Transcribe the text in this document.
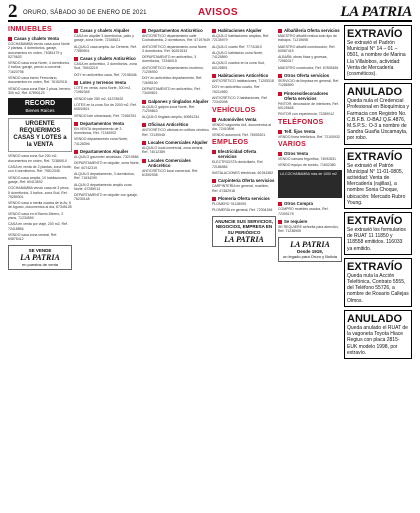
2 ORURO, SÁBADO 30 DE ENERO DE 2021	AVISOS	LA PATRIA
INMUEBLES
Casas y chalets Venta
COCHABAMBA vendo casa zona Norte 2 plantas, 4 dormitorios, garaje, documentos en orden, 76381479 y 5270603
VENDO casa zona Norte, 4 dormitorios, 2 baños, garaje, precio a convenir, 71620798
VENDO casa barrio Ferroviario, documentos en orden, Ref. 76152918
VENDO casa zona Este 2 pisos, terreno 300 m2, Ref. 67890123
RECORD
Bienes Raíces
URGENTE REQUERIMOS CASAS Y LOTES a la VENTA
VENDO casa zona Sur 200 m2, documentos en orden, Ref. 72386510
CASA en venta de 2 plantas, zona Norte, con 4 dormitorios, Ref. 79812345
VENDO casa amplia, 10 habitaciones, garaje, Ref. 60413592
COCHABAMBA vendo casa de 3 pisos, 5 dormitorios, 3 baños, zona Sud, Ref. 75289301
VENDO casa a media cuadra de la Av. 6 de Agosto, documentos al día, 67345128
VENDO casa en el Barrio Minero, 2 pisos, 71234590
CASA en venta por viaje, 200 m2, Ref. 72418856
VENDO casa zona central, Ref. 69875412
SE VENDE
LA PATRIA
en puestos de venta
Casas y chalets Alquiler
CASA en alquiler 3 dormitorios, patio y garaje, zona Norte, 72345621
ALQUILO casa amplia, Av. Dehene, Ref. 77889901
Casas y chalets Anticrético
CASA en anticrético, 3 dormitorios, zona Sud, 76543219
DOY en anticrético casa, Ref. 72198346
Lotes y terrenos Venta
LOTE en venta, zona Norte, 300 m2, 71982345
VENDO lote 250 m2, 61378920
LOTES en la zona Sur de 2000 m2, Ref. 60834521
VENDO lote urbanizado, Ref. 72456781
Departamentos Venta
EN VENTA departamento de 3 dormitorios, Ref. 71345902
VENDO departamento zona Norte, 74128396
Departamentos Alquiler
ALQUILO garzonier amoblado, 73219584
DEPARTAMENTO en alquiler, zona Norte, Ref. 60742319
ALQUILO departamento, 3 dormitorios, Ref. 71634290
ALQUILO departamento amplio zona Norte, 67289013
DEPARTAMENTO en alquiler con garaje, 76230148
Departamentos Anticrético
ANTICRÉTICO departamento calle Cochabamba, 2 dormitorios, Ref. 67197649
ANTICRÉTICO departamento zona Norte, 3 dormitorios, Ref. 60291534
DEPARTAMENTO en anticrético, 3 dormitorios, 72346015
ANTICRÉTICO departamento moderno, 71205930
DOY en anticrético departamento, Ref. 72698190
DEPARTAMENTO en anticrético, Ref. 73409821
Galpones y tinglados Alquiler
ALQUILO galpón zona Norte, Ref. 71209843
ALQUILO tinglado amplio, 60981234
Oficinas Anticrético
ANTICRÉTICO oficinas en edificio céntrico, Ref. 72139045
Locales Comerciales Alquiler
ALQUILO local comercial, zona central, Ref. 74012389
Locales Comerciales Anticrético
ANTICRÉTICO local comercial, Ref. 61592938
Habitaciones Alquiler
ALQUILO habitaciones amplias, Ref. 72135979
ALQUILO cuarto Ref. 77741810
ALQUILO habitación zona Norte, 74125890
ALQUILO cuartos en la zona Sud, 60125891
Habitaciones Anticrético
ANTICRÉTICO habitaciones, 71205318
DOY en anticrético cuarto, Ref. 76214950
ANTICRÉTICO 2 habitaciones, Ref. 72340098
VEHÍCULOS
Automóviles Venta
VENDO vagoneta 4x4, documentos al día, 72410896
VENDO automóvil, Ref. 76593201
EMPLEOS
Electricidad Oferta servicios
ELECTRICISTA domiciliario, Ref. 72186984
INSTALACIONES eléctricas, 60154382
Carpintería Oferta servicios
CARPINTERÍA en general, muebles, Ref. 67482918
Plomería Oferta servicios
PLOMERO 76128099
PLOMERÍA en general, Ref. 72304156
ANUNCIE SUS SERVICIOS, NEGOCIOS, EMPRESA EN SU PERIÓDICO
LA PATRIA
Albañilería Oferta servicios
MAESTRO albañil realiza todo tipo de trabajos, 71219698
MAESTRO albañil construcción, Ref. 60987415
ALBAÑIL obras finas y gruesas, 72580317
MAESTRO constructor, Ref. 67893456
Otros Oferta servicios
SERVICIO de limpieza en general, Ref. 71286590
Pintores/decoradores Oferta servicios
PINTOR, decoración de interiores, Ref. 60125648
PINTOR con experiencia, 72289012
TELÉFONOS
Telf. fijos Venta
VENDO línea telefónica, Ref. 72100932
VARIOS
Otros Venta
VENDO cámara frigorífica, 74092831
VENDO equipo de sonido, 71602380
LA COCHABAMBA más de 1000 m2
Otros Compra
COMPRO muebles usados, Ref. 72309178
Se requiere
SE REQUIERE señorita para atención, Ref. 71238905
LA PATRIA
Desde 1919,
un legado para Oruro y Bolivia
EXTRAVÍO
Se extravió el Padrón Municipal N° 14 – 01 – 0501, a nombre de Marina Lía Villalobos, actividad: Venta de Mercadería (cosméticos).
ANULADO
Queda nula el Credencial Profesional en Bioquímica y Farmacia con Registro No. C.B.F.B. O-BAJ Q.E.4876, M.S.P.S.: O-3 a nombre de Sandra Guaña Uscamayta, por robo.
EXTRAVÍO
Se extravió el Patrón Municipal N° 11-01-0805, actividad: Venta de Mercadería (rajillas), a nombre Sonia Choque, ubicación: Mercado Rubro Young.
EXTRAVÍO
Se extravió los formularios de RUAT 11 11850 y 118558 emitidos. 116033 ya emitido.
EXTRAVÍO
Queda nula la Acción Telefónica, Contrato 5555, del Teléfono 55726, a nombre de Rosario Callejas Olmos.
ANULADO
Queda anulado el RUAT de la vagoneta Toyota Hiace Regius con placa 2815-EUK modelo 1998, por extravío.
